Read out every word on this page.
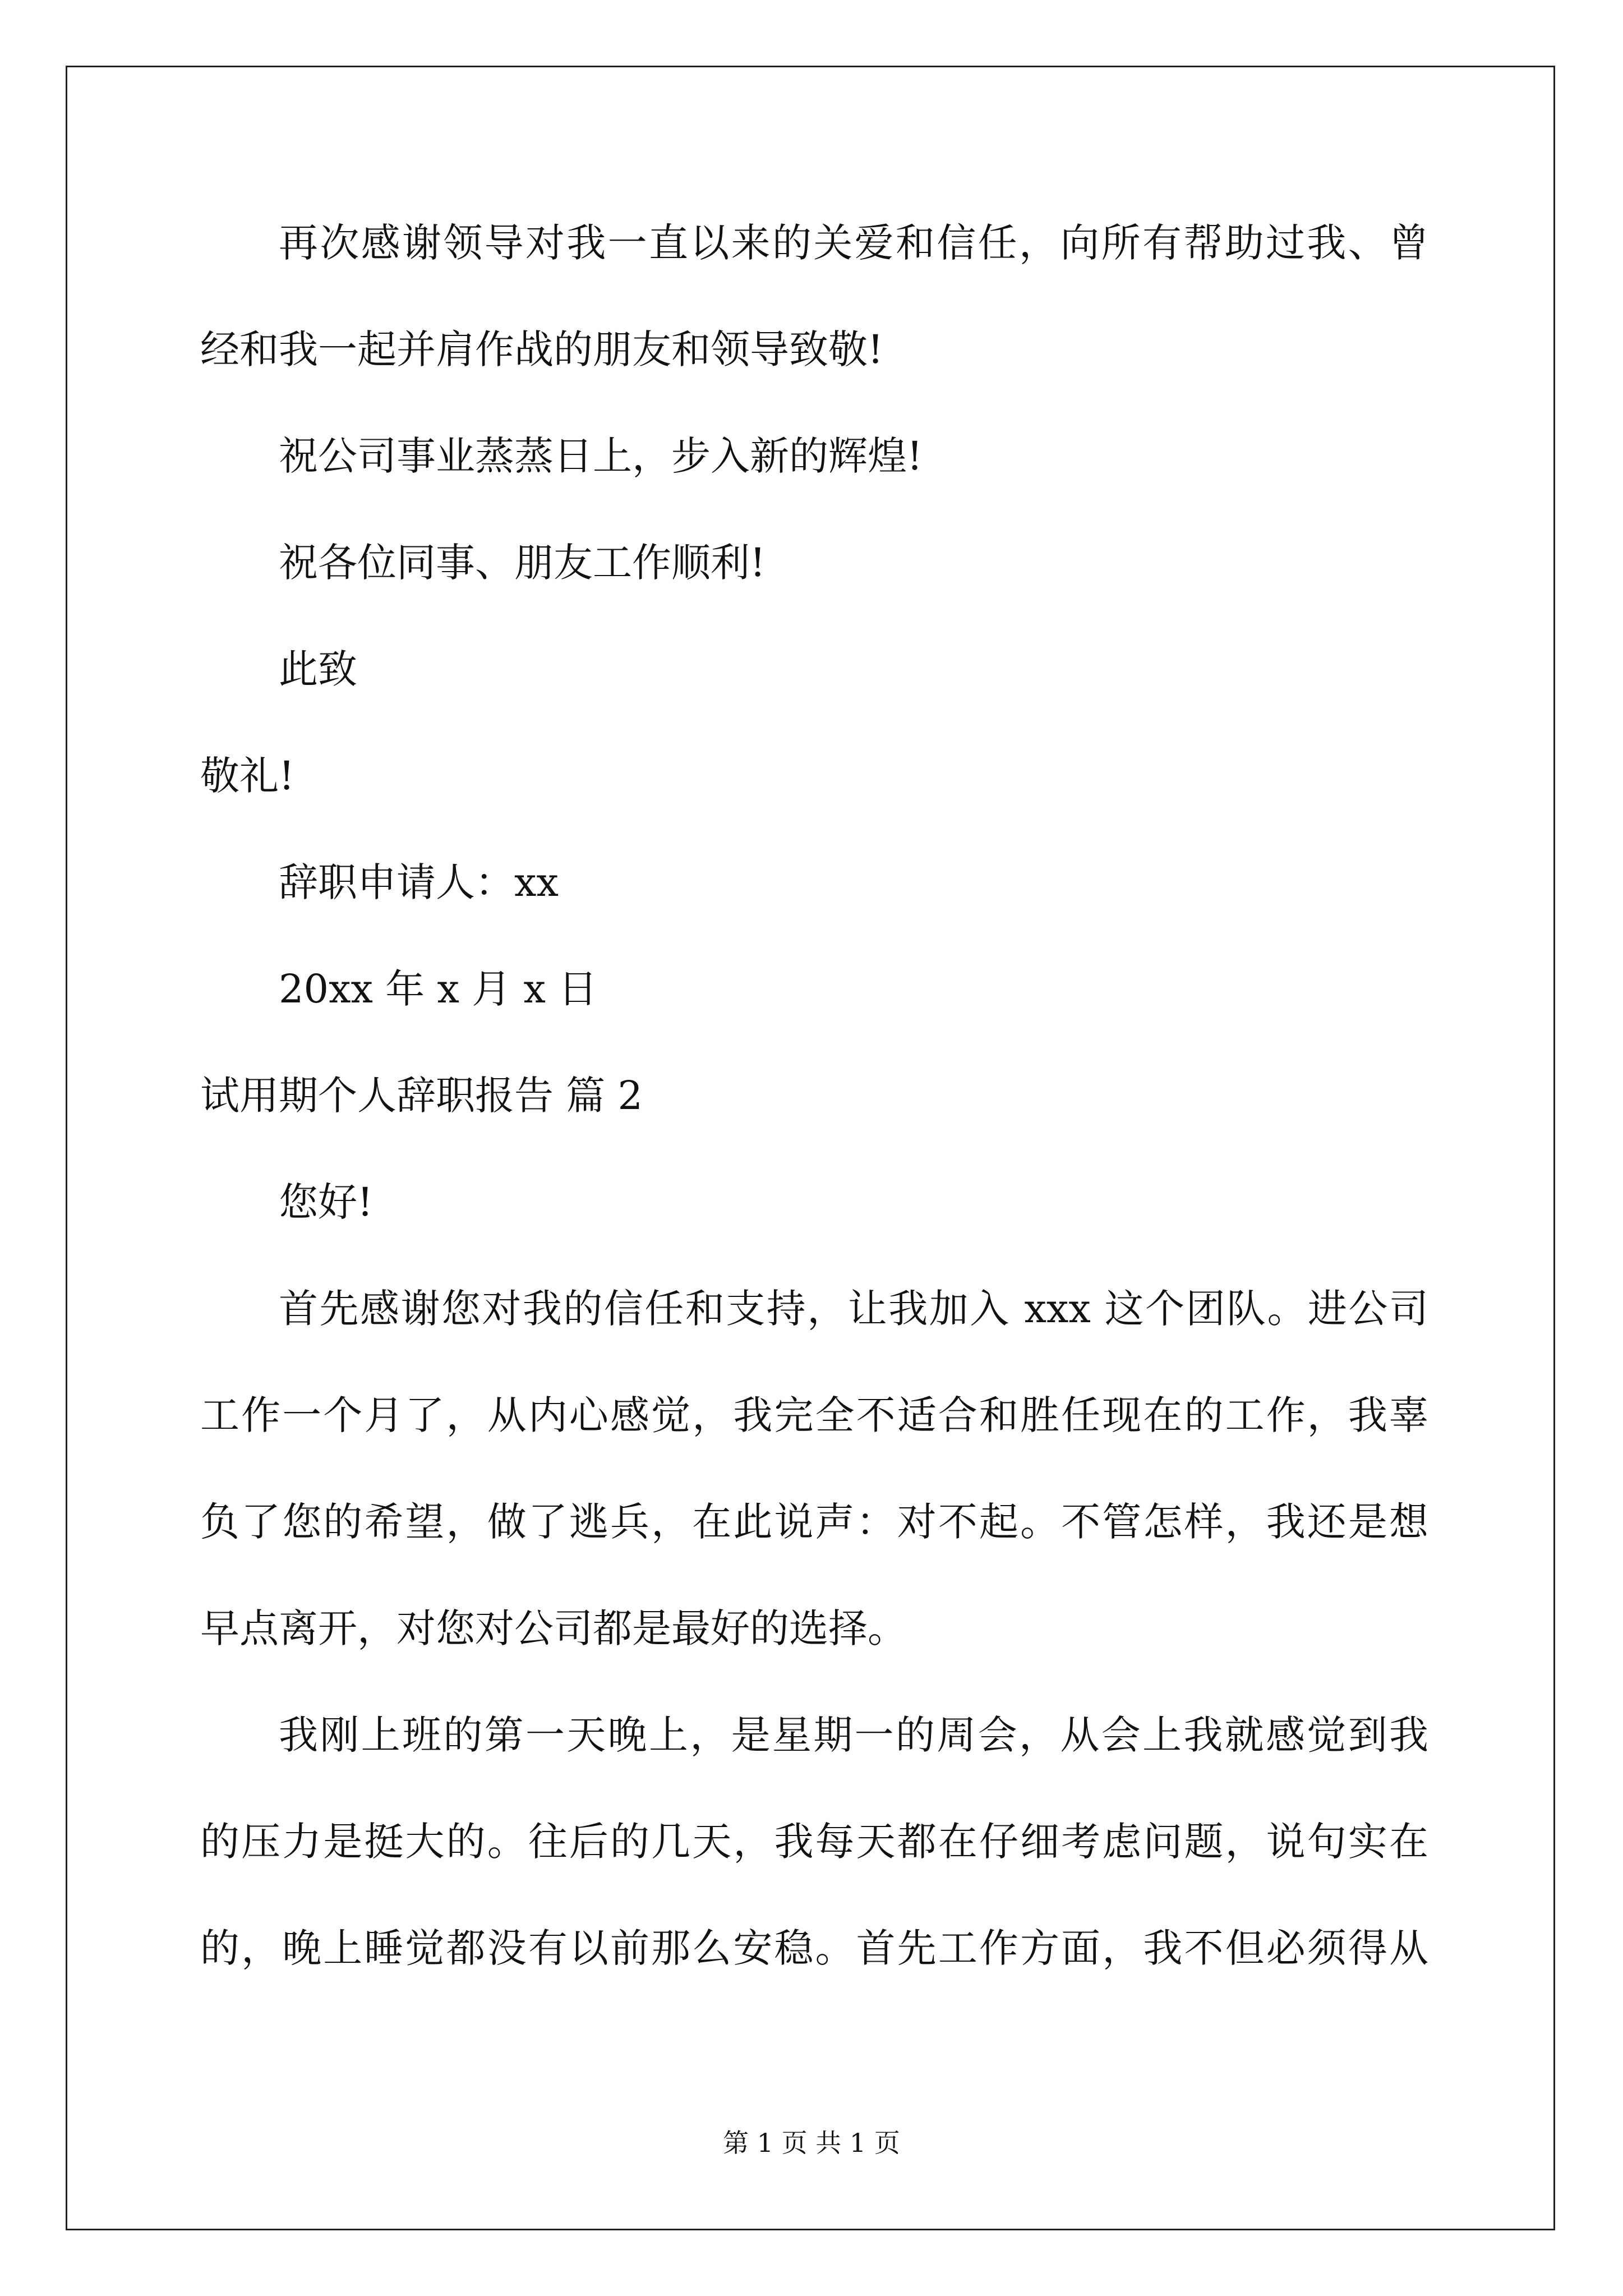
再次感谢领导对我一直以来的关爱和信任，向所有帮助过我、曾
经和我一起并肩作战的朋友和领导致敬!
祝公司事业蒸蒸日上，步入新的辉煌!
祝各位同事、朋友工作顺利!
此致
敬礼!
辞职申请人：xx
20xx 年 x 月 x 日
试用期个人辞职报告 篇 2
您好!
首先感谢您对我的信任和支持，让我加入 xxx 这个团队。进公司
工作一个月了，从内心感觉，我完全不适合和胜任现在的工作，我辜
负了您的希望，做了逃兵，在此说声：对不起。不管怎样，我还是想
早点离开，对您对公司都是最好的选择。
我刚上班的第一天晚上，是星期一的周会，从会上我就感觉到我
的压力是挺大的。往后的几天，我每天都在仔细考虑问题，说句实在
的，晚上睡觉都没有以前那么安稳。首先工作方面，我不但必须得从
第 1 页 共 1 页
